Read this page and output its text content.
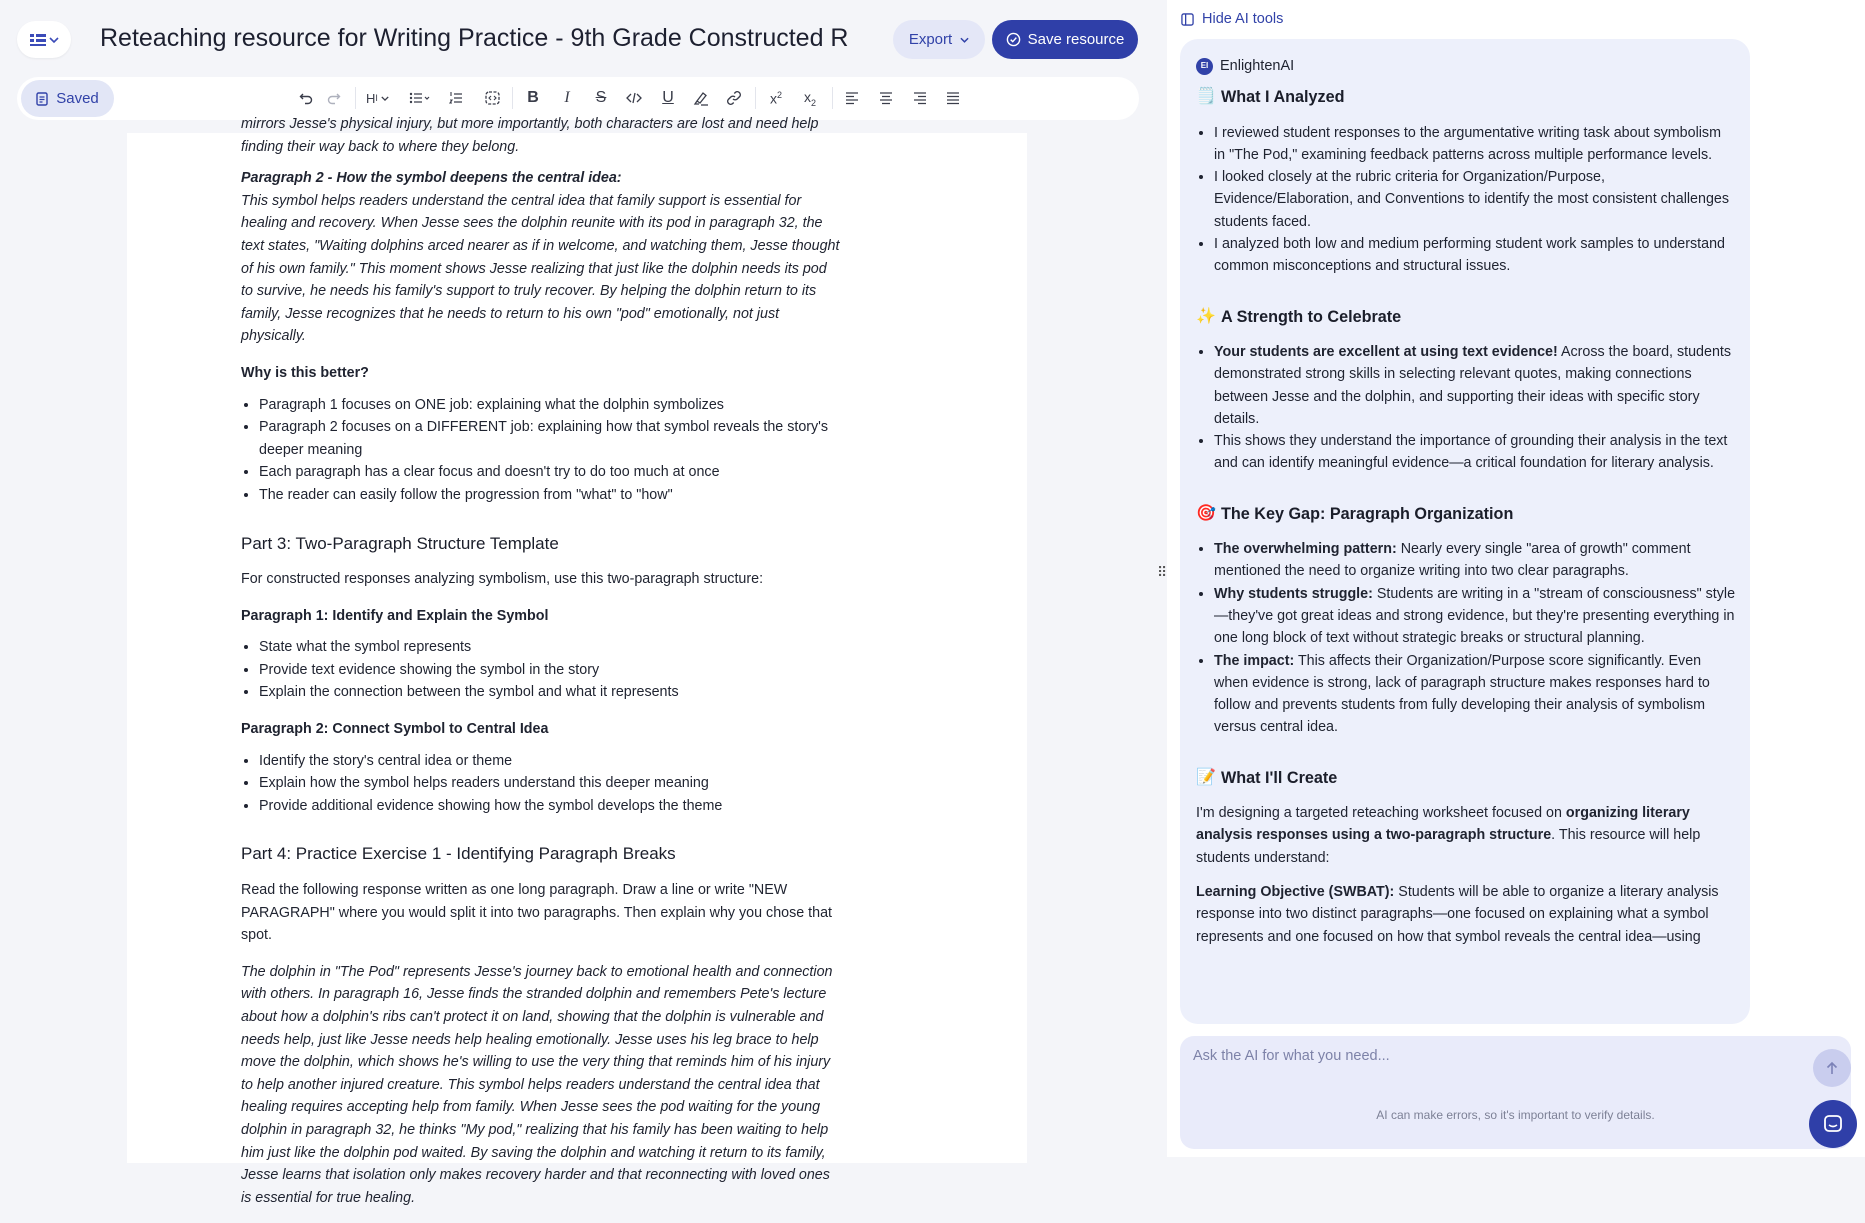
Reteaching resource for Writing Practice - 9th Grade Constructed R	Export	Save resource
Saved	H I	B I S	U	$x^2$ $x_2$

mirrors Jesse's physical injury, but more importantly, both characters are lost and need help finding their way back to where they belong.

Paragraph 2 - How the symbol deepens the central idea:

This symbol helps readers understand the central idea that family support is essential for healing and recovery. When Jesse sees the dolphin reunite with its pod in paragraph 32, the text states, "Waiting dolphins arced nearer as if in welcome, and watching them, Jesse thought of his own family." This moment shows Jesse realizing that just like the dolphin needs its pod to survive, he needs his family's support to truly recover. By helping the dolphin return to its family, Jesse recognizes that he needs to return to his own "pod" emotionally, not just physically.

Why is this better?

• Paragraph 1 focuses on ONE job: explaining what the dolphin symbolizes
• Paragraph 2 focuses on a DIFFERENT job: explaining how that symbol reveals the story's deeper meaning
• Each paragraph has a clear focus and doesn't try to do too much at once
• The reader can easily follow the progression from "what" to "how"
Part 3: Two-Paragraph Structure Template

For constructed responses analyzing symbolism, use this two-paragraph structure:

Paragraph 1: Identify and Explain the Symbol

• State what the symbol represents
• Provide text evidence showing the symbol in the story
• Explain the connection between the symbol and what it represents

Paragraph 2: Connect Symbol to Central Idea

• Identify the story's central idea or theme
• Explain how the symbol helps readers understand this deeper meaning
• Provide additional evidence showing how the symbol develops the theme
Part 4: Practice Exercise 1 - Identifying Paragraph Breaks

Read the following response written as one long paragraph. Draw a line or write "NEW PARAGRAPH" where you would split it into two paragraphs. Then explain why you chose that spot.

The dolphin in "The Pod" represents Jesse's journey back to emotional health and connection with others. In paragraph 16, Jesse finds the stranded dolphin and remembers Pete's lecture about how a dolphin's ribs can't protect it on land, showing that the dolphin is vulnerable and needs help, just like Jesse needs help healing emotionally. Jesse uses his leg brace to help move the dolphin, which shows he's willing to use the very thing that reminds him of his injury to help another injured creature. This symbol helps readers understand the central idea that healing requires accepting help from family. When Jesse sees the pod waiting for the young dolphin in paragraph 32, he thinks "My pod," realizing that his family has been waiting to help him just like the dolphin pod waited. By saving the dolphin and watching it return to its family, Jesse learns that isolation only makes recovery harder and that reconnecting with loved ones is essential for true healing.

⠿
Hide AI tools
EI EnlightenAI
🗒️ What I Analyzed
• I reviewed student responses to the argumentative writing task about symbolism in "The Pod," examining feedback patterns across multiple performance levels.
• I looked closely at the rubric criteria for Organization/Purpose, Evidence/Elaboration, and Conventions to identify the most consistent challenges students faced.
• I analyzed both low and medium performing student work samples to understand common misconceptions and structural issues.
✨ A Strength to Celebrate
• Your students are excellent at using text evidence! Across the board, students demonstrated strong skills in selecting relevant quotes, making connections between Jesse and the dolphin, and supporting their ideas with specific story details.
• This shows they understand the importance of grounding their analysis in the text and can identify meaningful evidence—a critical foundation for literary analysis.
🎯 The Key Gap: Paragraph Organization
• The overwhelming pattern: Nearly every single "area of growth" comment mentioned the need to organize writing into two clear paragraphs.
• Why students struggle: Students are writing in a "stream of consciousness" style—they've got great ideas and strong evidence, but they're presenting everything in one long block of text without strategic breaks or structural planning.
• The impact: This affects their Organization/Purpose score significantly. Even when evidence is strong, lack of paragraph structure makes responses hard to follow and prevents students from fully developing their analysis of symbolism versus central idea.
📝 What I'll Create

I'm designing a targeted reteaching worksheet focused on organizing literary analysis responses using a two-paragraph structure. This resource will help students understand:

Learning Objective (SWBAT): Students will be able to organize a literary analysis response into two distinct paragraphs—one focused on explaining what a symbol represents and one focused on how that symbol reveals the central idea—using

Ask the AI for what you need...
AI can make errors, so it's important to verify details.
